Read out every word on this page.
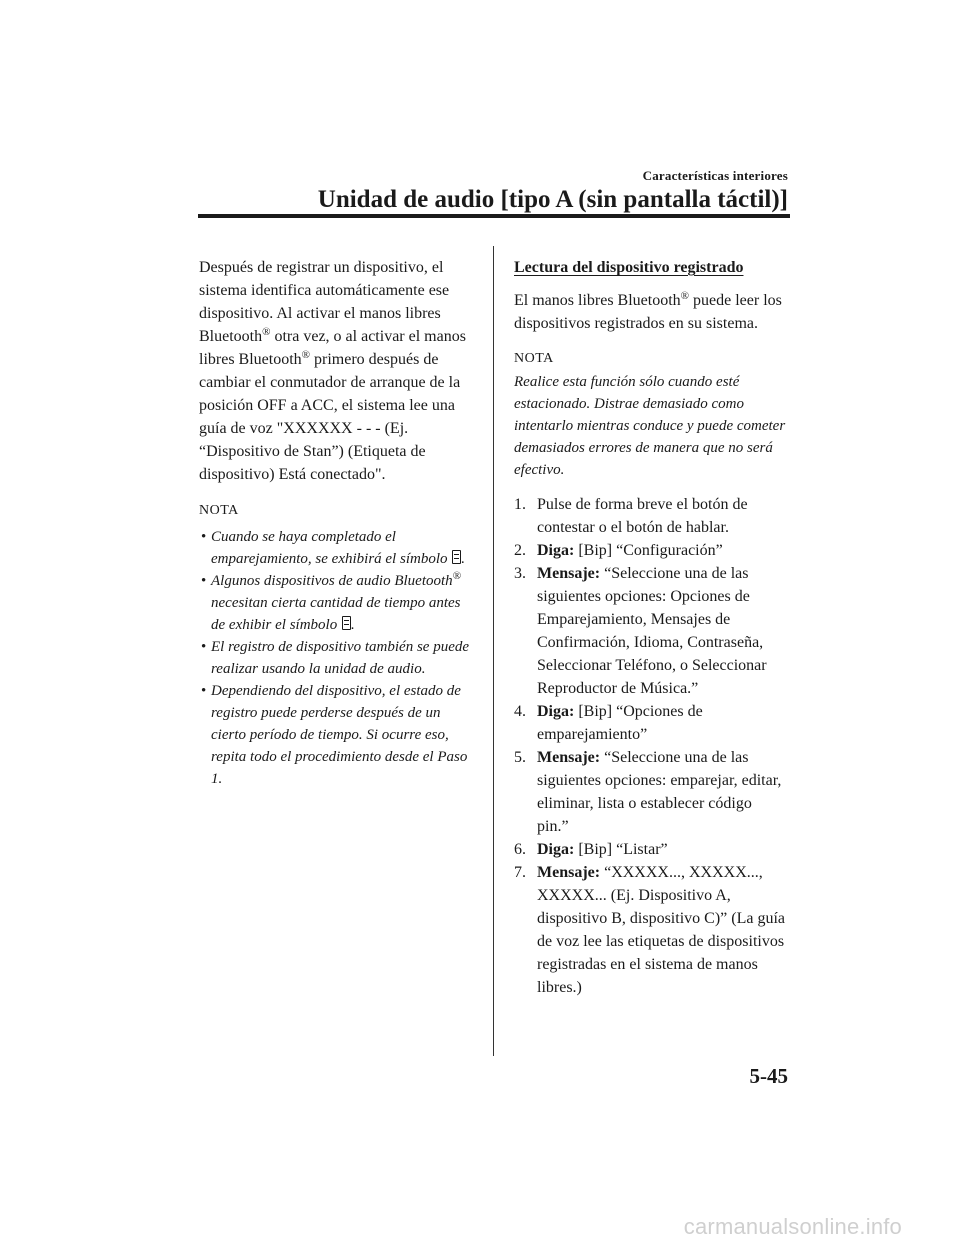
Características interiores
Unidad de audio [tipo A (sin pantalla táctil)]

Después de registrar un dispositivo, el sistema identifica automáticamente ese dispositivo. Al activar el manos libres Bluetooth® otra vez, o al activar el manos libres Bluetooth® primero después de cambiar el conmutador de arranque de la posición OFF a ACC, el sistema lee una guía de voz "XXXXXX - - - (Ej. “Dispositivo de Stan”) (Etiqueta de dispositivo) Está conectado".

NOTA

• Cuando se haya completado el emparejamiento, se exhibirá el símbolo .
• Algunos dispositivos de audio Bluetooth® necesitan cierta cantidad de tiempo antes de exhibir el símbolo .
• El registro de dispositivo también se puede realizar usando la unidad de audio.
• Dependiendo del dispositivo, el estado de registro puede perderse después de un cierto período de tiempo. Si ocurre eso, repita todo el procedimiento desde el Paso 1.

Lectura del dispositivo registrado

El manos libres Bluetooth® puede leer los dispositivos registrados en su sistema.

NOTA

Realice esta función sólo cuando esté estacionado. Distrae demasiado como intentarlo mientras conduce y puede cometer demasiados errores de manera que no será efectivo.

1. Pulse de forma breve el botón de contestar o el botón de hablar.
2. Diga: [Bip] “Configuración”
3. Mensaje: “Seleccione una de las siguientes opciones: Opciones de Emparejamiento, Mensajes de Confirmación, Idioma, Contraseña, Seleccionar Teléfono, o Seleccionar Reproductor de Música.”
4. Diga: [Bip] “Opciones de emparejamiento”
5. Mensaje: “Seleccione una de las siguientes opciones: emparejar, editar, eliminar, lista o establecer código pin.”
6. Diga: [Bip] “Listar”
7. Mensaje: “XXXXX..., XXXXX..., XXXXX... (Ej. Dispositivo A, dispositivo B, dispositivo C)” (La guía de voz lee las etiquetas de dispositivos registradas en el sistema de manos libres.)
5-45
carmanualsonline.info
